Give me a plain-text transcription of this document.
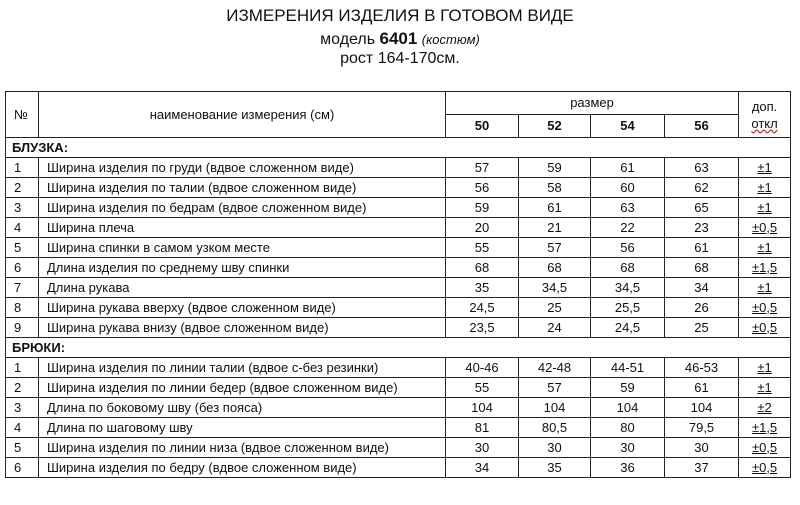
ИЗМЕРЕНИЯ ИЗДЕЛИЯ В ГОТОВОМ ВИДЕ
модель 6401 (костюм)
рост 164-170см.
№	наименование измерения (см)	размер				доп.
откл
		50	52	54	56	
БЛУЗКА:						
1	Ширина изделия по груди (вдвое сложенном виде)	57	59	61	63	±1
2	Ширина изделия по талии (вдвое сложенном виде)	56	58	60	62	±1
3	Ширина изделия по бедрам (вдвое сложенном виде)	59	61	63	65	±1
4	Ширина плеча	20	21	22	23	±0,5
5	Ширина спинки в самом узком месте	55	57	56	61	±1
6	Длина изделия по среднему шву спинки	68	68	68	68	±1,5
7	Длина рукава	35	34,5	34,5	34	±1
8	Ширина рукава вверху (вдвое сложенном виде)	24,5	25	25,5	26	±0,5
9	Ширина рукава внизу (вдвое сложенном виде)	23,5	24	24,5	25	±0,5
БРЮКИ:						
1	Ширина изделия по линии талии (вдвое с-без резинки)	40-46	42-48	44-51	46-53	±1
2	Ширина изделия по линии бедер (вдвое сложенном виде)	55	57	59	61	±1
3	Длина по боковому шву (без пояса)	104	104	104	104	±2
4	Длина по шаговому шву	81	80,5	80	79,5	±1,5
5	Ширина изделия по линии низа (вдвое сложенном виде)	30	30	30	30	±0,5
6	Ширина изделия по бедру (вдвое сложенном виде)	34	35	36	37	±0,5
